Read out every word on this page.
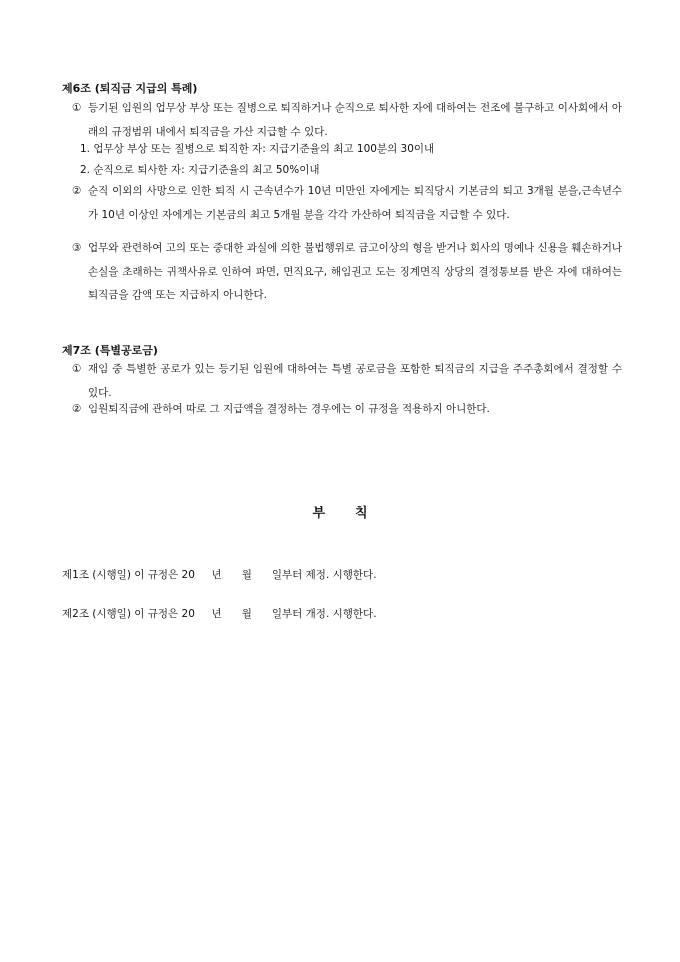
제6조 (퇴직금 지급의 특례)
① 등기된 임원의 업무상 부상 또는 질병으로 퇴직하거나 순직으로 퇴사한 자에 대하여는 전조에 불구하고 이사회에서 아래의 규정범위 내에서 퇴직금을 가산 지급할 수 있다.
1. 업무상 부상 또는 질병으로 퇴직한 자: 지급기준율의 최고 100분의 30이내
2. 순직으로 퇴사한 자: 지급기준율의 최고 50%이내
② 순직 이외의 사망으로 인한 퇴직 시 근속년수가 10년 미만인 자에게는 퇴직당시 기본금의 퇴고 3개월 분을,근속년수가 10년 이상인 자에게는 기본금의 최고 5개월 분을 각각 가산하여 퇴직금을 지급할 수 있다.
③ 업무와 관련하여 고의 또는 중대한 과실에 의한 불법행위로 금고이상의 형을 받거나 회사의 명예나 신용을 훼손하거나 손실을 초래하는 귀책사유로 인하여 파면, 면직요구, 해임권고 도는 징계면직 상당의 결정통보를 받은 자에 대하여는 퇴직금을 감액 또는 지급하지 아니한다.
제7조 (특별공로금)
① 재임 중 특별한 공로가 있는 등기된 임원에 대하여는 특별 공로금을 포함한 퇴직금의 지급을 주주총회에서 결정할 수 있다.
② 임원퇴직금에 관하여 따로 그 지급액을 결정하는 경우에는 이 규정을 적용하지 아니한다.
부칙
제1조 (시행일) 이 규정은 20     년      월      일부터 제정. 시행한다.
제2조 (시행일) 이 규정은 20     년      월      일부터 개정. 시행한다.
